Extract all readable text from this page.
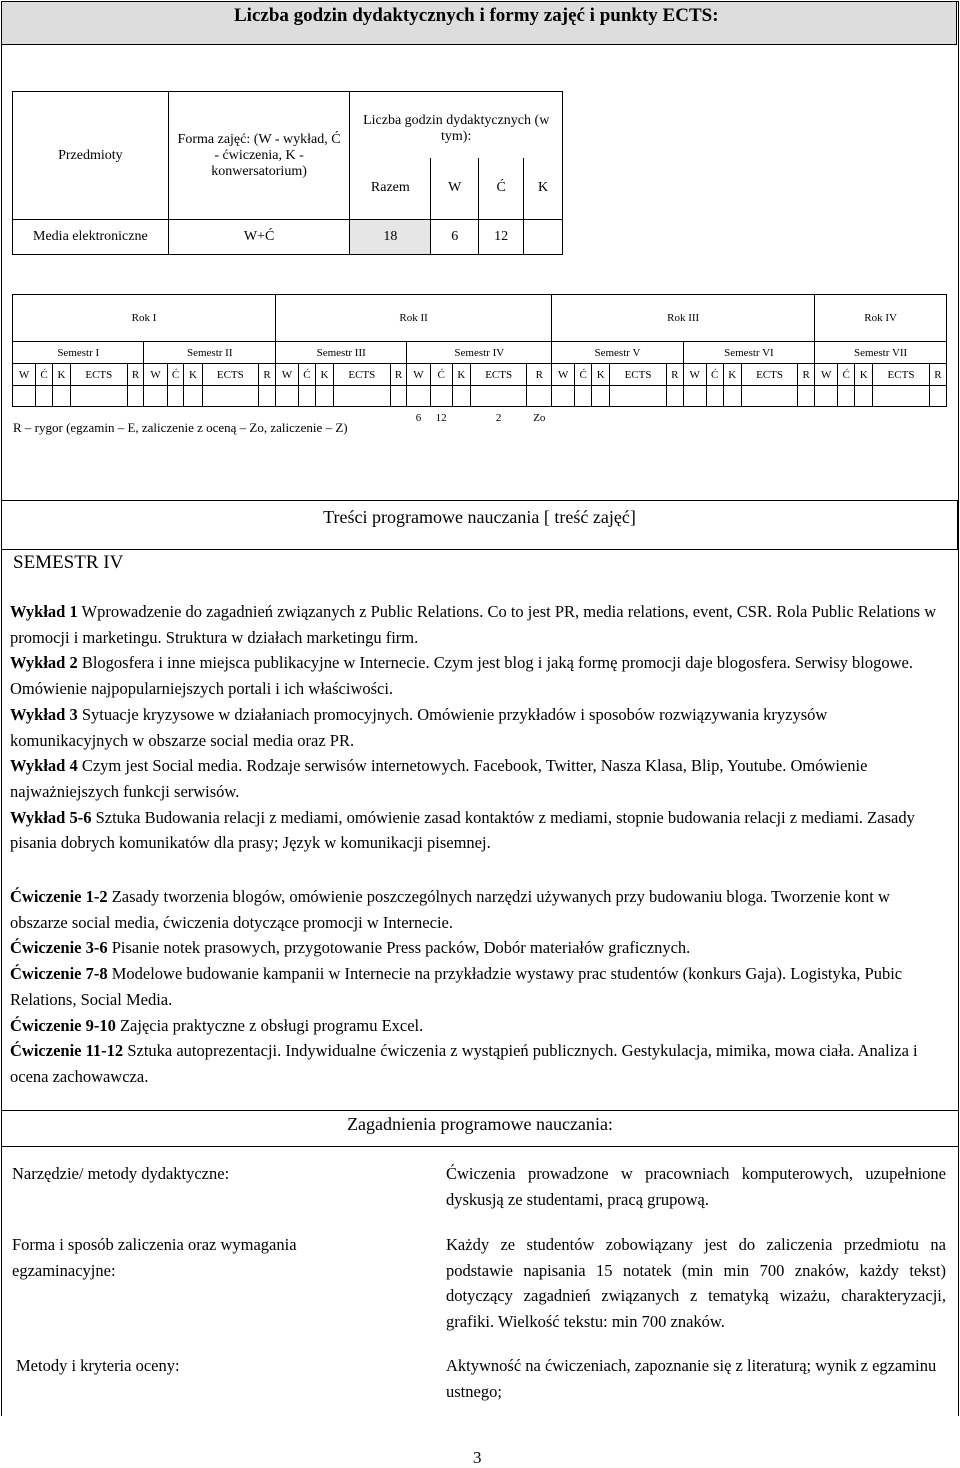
Liczba godzin dydaktycznych i formy zajęć i punkty ECTS:
Przedmioty	Forma zajęć: (W - wykład, Ć - ćwiczenia, K - konwersatorium)	Liczba godzin dydaktycznych (w tym):			
		Razem	W	Ć	K
Media elektroniczne	W+Ć	18	6	12	
Rok I										Rok II										Rok III										Rok IV				
Semestr I					Semestr II					Semestr III					Semestr IV					Semestr V					Semestr VI					Semestr VII				
W	Ć	K	ECTS	R	W	Ć	K	ECTS	R	W	Ć	K	ECTS	R	W	Ć	K	ECTS	R	W	Ć	K	ECTS	R	W	Ć	K	ECTS	R	W	Ć	K	ECTS	R

															6	12		2	Zo															
R – rygor (egzamin – E, zaliczenie z oceną – Zo, zaliczenie – Z)
Treści programowe nauczania [ treść zajęć]
SEMESTR IV

Wykład 1 Wprowadzenie do zagadnień związanych z Public Relations. Co to jest PR, media relations, event, CSR. Rola Public Relations w promocji i marketingu. Struktura w działach marketingu firm.

Wykład 2 Blogosfera i inne miejsca publikacyjne w Internecie. Czym jest blog i jaką formę promocji daje blogosfera. Serwisy blogowe. Omówienie najpopularniejszych portali i ich właściwości.

Wykład 3 Sytuacje kryzysowe w działaniach promocyjnych. Omówienie przykładów i sposobów rozwiązywania kryzysów komunikacyjnych w obszarze social media oraz PR.

Wykład 4 Czym jest Social media. Rodzaje serwisów internetowych. Facebook, Twitter, Nasza Klasa, Blip, Youtube. Omówienie najważniejszych funkcji serwisów.

Wykład 5-6 Sztuka Budowania relacji z mediami, omówienie zasad kontaktów z mediami, stopnie budowania relacji z mediami. Zasady pisania dobrych komunikatów dla prasy; Język w komunikacji pisemnej.

Ćwiczenie 1-2 Zasady tworzenia blogów, omówienie poszczególnych narzędzi używanych przy budowaniu bloga. Tworzenie kont w obszarze social media, ćwiczenia dotyczące promocji w Internecie.

Ćwiczenie 3-6 Pisanie notek prasowych, przygotowanie Press packów, Dobór materiałów graficznych.

Ćwiczenie 7-8 Modelowe budowanie kampanii w Internecie na przykładzie wystawy prac studentów (konkurs Gaja). Logistyka, Pubic Relations, Social Media.

Ćwiczenie 9-10 Zajęcia praktyczne z obsługi programu Excel.

Ćwiczenie 11-12 Sztuka autoprezentacji. Indywidualne ćwiczenia z wystąpień publicznych. Gestykulacja, mimika, mowa ciała. Analiza i ocena zachowawcza.

Zagadnienia programowe nauczania:
Narzędzie/ metody dydaktyczne:	Ćwiczenia prowadzone w pracowniach komputerowych, uzupełnione dyskusją ze studentami, pracą grupową.
Forma i sposób zaliczenia oraz wymagania egzaminacyjne:
Każdy ze studentów zobowiązany jest do zaliczenia przedmiotu na podstawie napisania 15 notatek (min min 700 znaków, każdy tekst) dotyczący zagadnień związanych z tematyką wizażu, charakteryzacji, grafiki. Wielkość tekstu: min 700 znaków.
Metody i kryteria oceny:	Aktywność na ćwiczeniach, zapoznanie się z literaturą; wynik z egzaminu ustnego;
3
